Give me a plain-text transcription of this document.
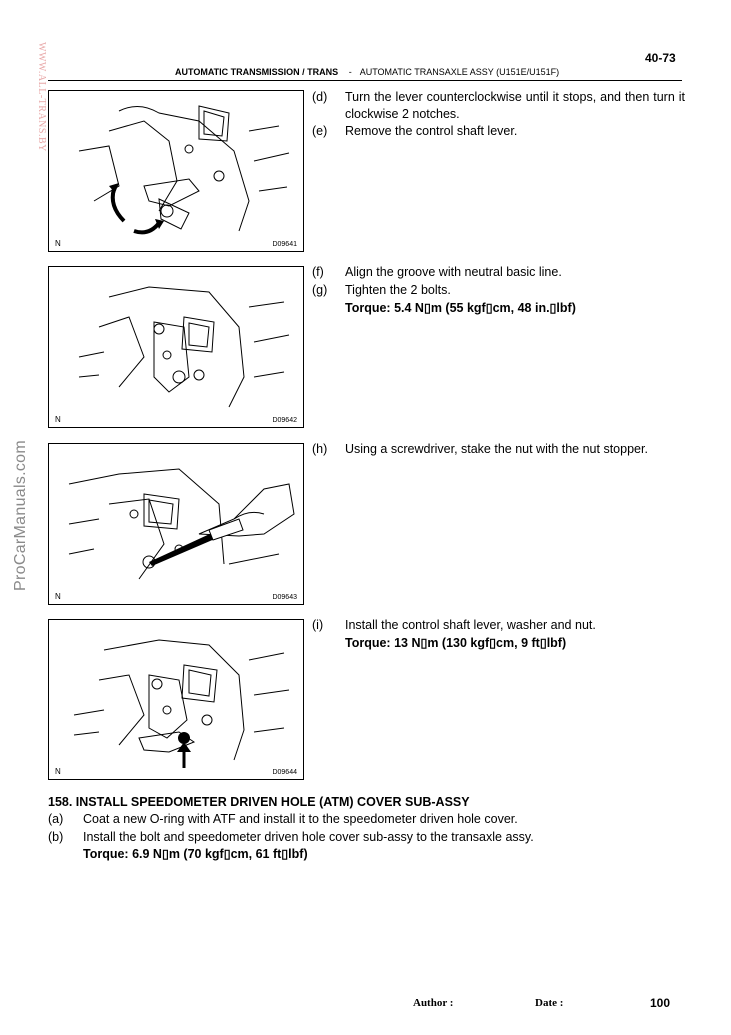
WWW.ALL-TRANS.BY
ProCarManuals.com
40-73
AUTOMATIC TRANSMISSION / TRANS - AUTOMATIC TRANSAXLE ASSY (U151E/U151F)
N	D09641
N	D09642
N	D09643
N	D09644
(d) Turn the lever counterclockwise until it stops, and then turn it clockwise 2 notches.
(e) Remove the control shaft lever.
(f) Align the groove with neutral basic line.
(g) Tighten the 2 bolts.
Torque: 5.4 N▯m (55 kgf▯cm, 48 in.▯lbf)
(h) Using a screwdriver, stake the nut with the nut stopper.
(i) Install the control shaft lever, washer and nut.
Torque: 13 N▯m (130 kgf▯cm, 9 ft▯lbf)
158. INSTALL SPEEDOMETER DRIVEN HOLE (ATM) COVER SUB-ASSY
(a) Coat a new O-ring with ATF and install it to the speedometer driven hole cover.
(b) Install the bolt and speedometer driven hole cover sub-assy to the transaxle assy.
Torque: 6.9 N▯m (70 kgf▯cm, 61 ft▯lbf)
Author :	Date :	100
